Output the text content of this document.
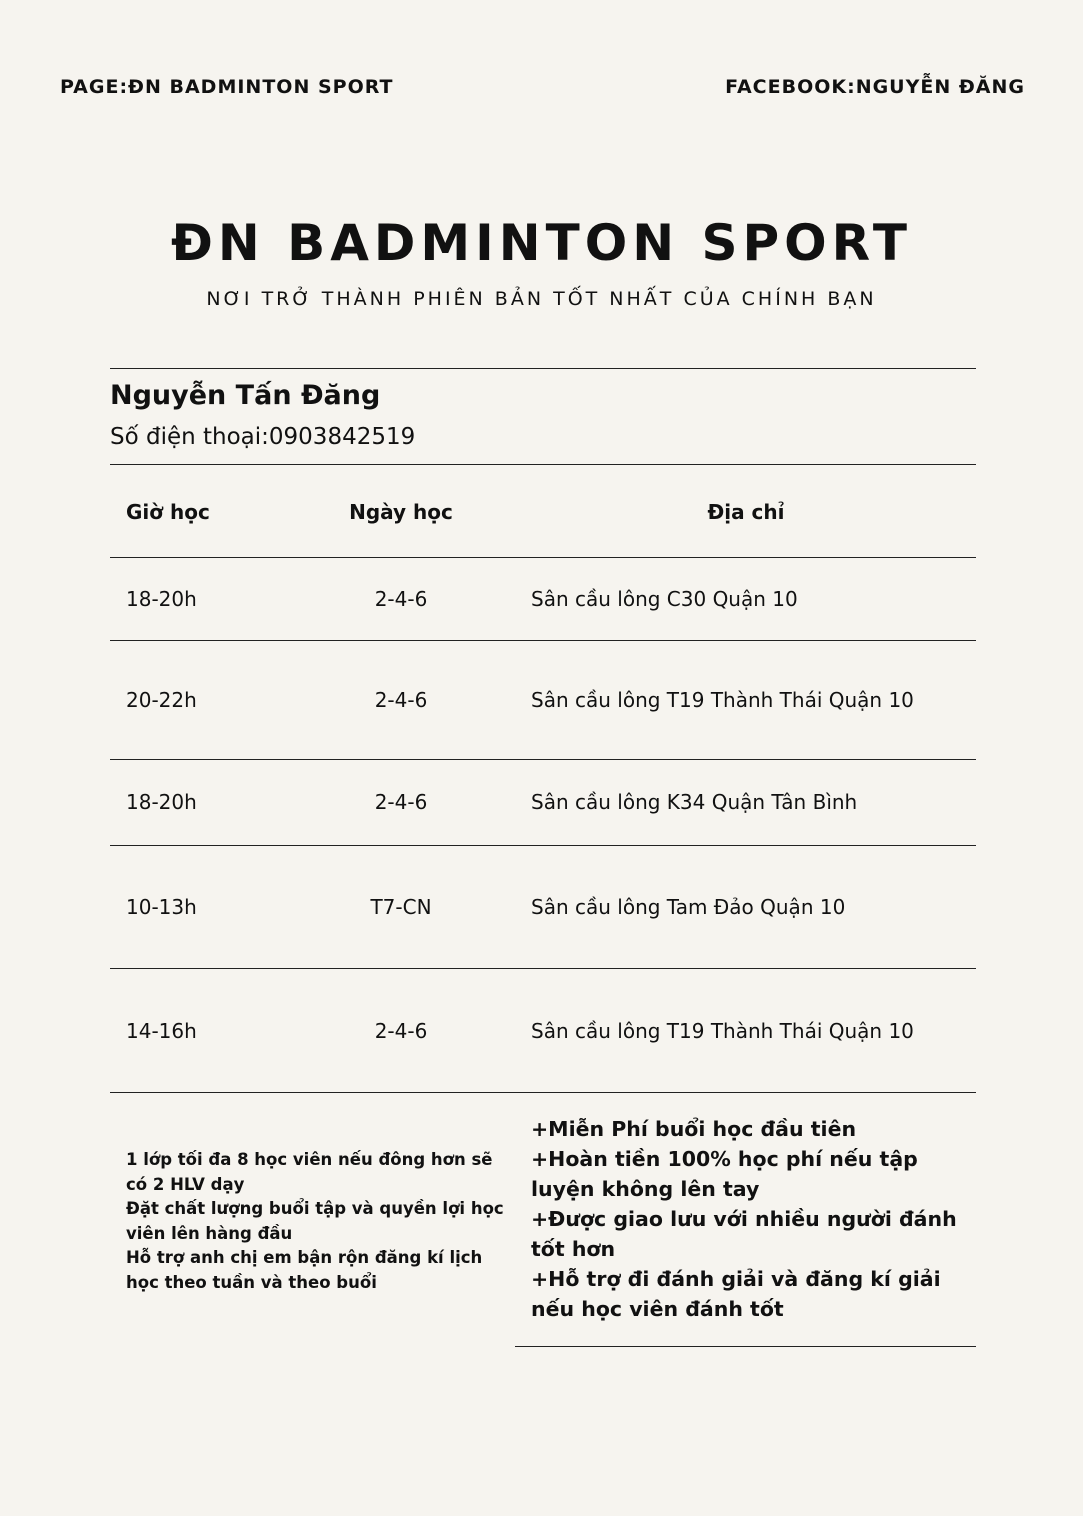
PAGE:ĐN BADMINTON SPORT	FACEBOOK:NGUYỄN ĐĂNG
ĐN BADMINTON SPORT
NƠI TRỞ THÀNH PHIÊN BẢN TỐT NHẤT CỦA CHÍNH BẠN
Nguyễn Tấn Đăng
Số điện thoại:0903842519
Giờ học	Ngày học	Địa chỉ
18-20h	2-4-6	Sân cầu lông C30 Quận 10
20-22h	2-4-6	Sân cầu lông T19 Thành Thái Quận 10
18-20h	2-4-6	Sân cầu lông K34 Quận Tân Bình
10-13h	T7-CN	Sân cầu lông Tam Đảo Quận 10
14-16h	2-4-6	Sân cầu lông T19 Thành Thái Quận 10
1 lớp tối đa 8 học viên nếu đông hơn sẽ có 2 HLV dạy
Đặt chất lượng buổi tập và quyền lợi học viên lên hàng đầu
Hỗ trợ anh chị em bận rộn đăng kí lịch học theo tuần và theo buổi
+Miễn Phí buổi học đầu tiên
+Hoàn tiền 100% học phí nếu tập luyện không lên tay
+Được giao lưu với nhiều người đánh tốt hơn
+Hỗ trợ đi đánh giải và đăng kí giải nếu học viên đánh tốt
